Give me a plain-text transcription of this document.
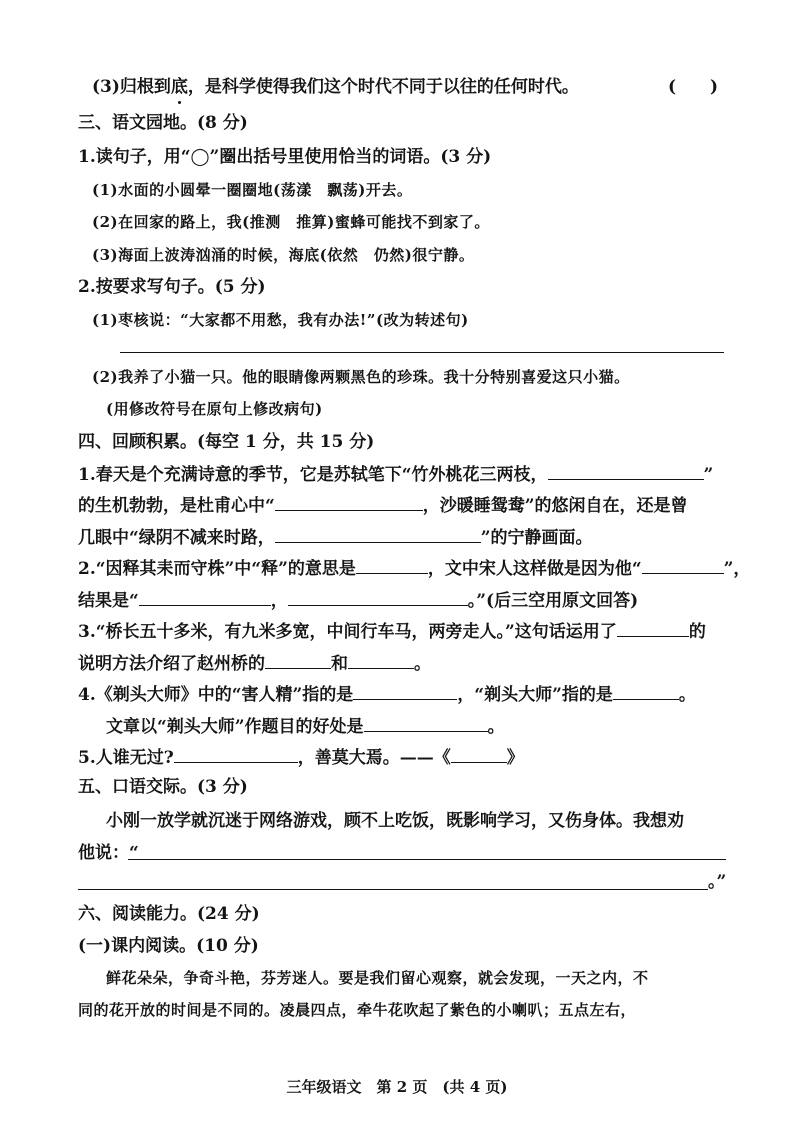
(3)归根到底，是科学使得我们这个时代不同于以往的任何时代。	(　　)
三、语文园地。(8 分)
1.读句子，用“◯”圈出括号里使用恰当的词语。(3 分)
(1)水面的小圆晕一圈圈地(荡漾　飘荡)开去。
(2)在回家的路上，我(推测　推算)蜜蜂可能找不到家了。
(3)海面上波涛汹涌的时候，海底(依然　仍然)很宁静。
2.按要求写句子。(5 分)
(1)枣核说：“大家都不用愁，我有办法!”(改为转述句)
(2)我养了小猫一只。他的眼睛像两颗黑色的珍珠。我十分特别喜爱这只小猫。
(用修改符号在原句上修改病句)
四、回顾积累。(每空 1 分，共 15 分)
1.春天是个充满诗意的季节，它是苏轼笔下“竹外桃花三两枝，	”
的生机勃勃，是杜甫心中“	，沙暖睡鸳鸯”的悠闲自在，还是曾
几眼中“绿阴不减来时路，	”的宁静画面。
2.“因释其耒而守株”中“释”的意思是	，文中宋人这样做是因为他“	”，
结果是“	，	。”(后三空用原文回答)
3.“桥长五十多米，有九米多宽，中间行车马，两旁走人。”这句话运用了	的
说明方法介绍了赵州桥的	和	。
4.《剃头大师》中的“害人精”指的是	，“剃头大师”指的是	。
文章以“剃头大师”作题目的好处是	。
5.人谁无过?	，善莫大焉。——《	》
五、口语交际。(3 分)
小刚一放学就沉迷于网络游戏，顾不上吃饭，既影响学习，又伤身体。我想劝
他说：“
。”
六、阅读能力。(24 分)
(一)课内阅读。(10 分)
鲜花朵朵，争奇斗艳，芬芳迷人。要是我们留心观察，就会发现，一天之内，不
同的花开放的时间是不同的。凌晨四点，牵牛花吹起了紫色的小喇叭；五点左右，
三年级语文　第 2 页　(共 4 页)
